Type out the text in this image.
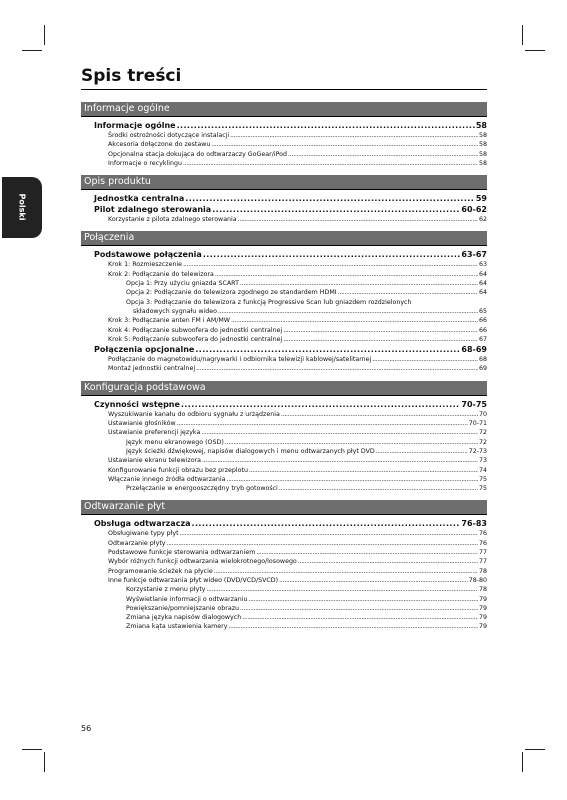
Spis treści
Polski
Informacje ogólne
Informacje ogólne .....	58
Środki ostrożności dotyczące instalacji .....	58
Akcesoria dołączone do zestawu .....	58
Opcjonalna stacja dokująca do odtwarzaczy GoGear/iPod .....	58
Informacje o recyklingu .....	58
Opis produktu
Jednostka centralna .....	59
Pilot zdalnego sterowania .....	60-62
Korzystanie z pilota zdalnego sterowania .....	62
Połączenia
Podstawowe połączenia .....	63-67
Krok 1: Rozmieszczenie .....	63
Krok 2: Podłączanie do telewizora .....	64
Opcja 1: Przy użyciu gniazda SCART .....	64
Opcja 2: Podłączanie do telewizora zgodnego ze standardem HDMI .....	64
Opcja 3: Podłączanie do telewizora z funkcją Progressive Scan lub gniazdem rozdzielonych
składowych sygnału wideo .....	65
Krok 3: Podłączanie anten FM i AM/MW .....	66
Krok 4: Podłączanie subwoofera do jednostki centralnej .....	66
Krok 5: Podłączanie subwoofera do jednostki centralnej .....	67
Połączenia opcjonalne .....	68-69
Podłączanie do magnetowidu/nagrywarki i odbiornika telewizji kablowej/satelitarnej .....	68
Montaż jednostki centralnej .....	69
Konfiguracja podstawowa
Czynności wstępne .....	70-75
Wyszukiwanie kanału do odbioru sygnału z urządzenia .....	70
Ustawianie głośników .....	70-71
Ustawianie preferencji języka .....	72
Język menu ekranowego (OSD) .....	72
Język ścieżki dźwiękowej, napisów dialogowych i menu odtwarzanych płyt DVD .....	72-73
Ustawianie ekranu telewizora .....	73
Konfigurowanie funkcji obrazu bez przeplotu .....	74
Włączanie innego źródła odtwarzania .....	75
Przełączanie w energooszczędny tryb gotowości .....	75
Odtwarzanie płyt
Obsługa odtwarzacza .....	76-83
Obsługiwane typy płyt .....	76
Odtwarzanie płyty .....	76
Podstawowe funkcje sterowania odtwarzaniem .....	77
Wybór różnych funkcji odtwarzania wielokrotnego/losowego .....	77
Programowanie ścieżek na płycie .....	78
Inne funkcje odtwarzania płyt wideo (DVD/VCD/SVCD) .....	78-80
Korzystanie z menu płyty .....	78
Wyświetlanie informacji o odtwarzaniu .....	79
Powiększanie/pomniejszanie obrazu .....	79
Zmiana języka napisów dialogowych .....	79
Zmiana kąta ustawienia kamery .....	79
56
